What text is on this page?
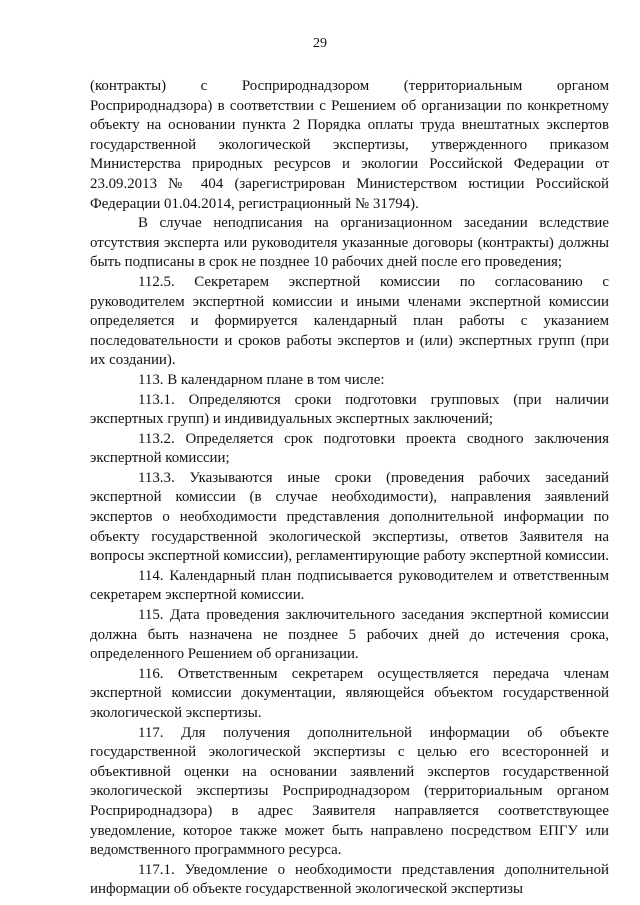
29

(контракты) с Росприроднадзором (территориальным органом Росприроднадзора) в соответствии с Решением об организации по конкретному объекту на основании пункта 2 Порядка оплаты труда внештатных экспертов государственной экологической экспертизы, утвержденного приказом Министерства природных ресурсов и экологии Российской Федерации от 23.09.2013 № 404 (зарегистрирован Министерством юстиции Российской Федерации 01.04.2014, регистрационный № 31794).

В случае неподписания на организационном заседании вследствие отсутствия эксперта или руководителя указанные договоры (контракты) должны быть подписаны в срок не позднее 10 рабочих дней после его проведения;

112.5. Секретарем экспертной комиссии по согласованию с руководителем экспертной комиссии и иными членами экспертной комиссии определяется и формируется календарный план работы с указанием последовательности и сроков работы экспертов и (или) экспертных групп (при их создании).

113. В календарном плане в том числе:

113.1. Определяются сроки подготовки групповых (при наличии экспертных групп) и индивидуальных экспертных заключений;

113.2. Определяется срок подготовки проекта сводного заключения экспертной комиссии;

113.3. Указываются иные сроки (проведения рабочих заседаний экспертной комиссии (в случае необходимости), направления заявлений экспертов о необходимости представления дополнительной информации по объекту государственной экологической экспертизы, ответов Заявителя на вопросы экспертной комиссии), регламентирующие работу экспертной комиссии.

114. Календарный план подписывается руководителем и ответственным секретарем экспертной комиссии.

115. Дата проведения заключительного заседания экспертной комиссии должна быть назначена не позднее 5 рабочих дней до истечения срока, определенного Решением об организации.

116. Ответственным секретарем осуществляется передача членам экспертной комиссии документации, являющейся объектом государственной экологической экспертизы.

117. Для получения дополнительной информации об объекте государственной экологической экспертизы с целью его всесторонней и объективной оценки на основании заявлений экспертов государственной экологической экспертизы Росприроднадзором (территориальным органом Росприроднадзора) в адрес Заявителя направляется соответствующее уведомление, которое также может быть направлено посредством ЕПГУ или ведомственного программного ресурса.

117.1. Уведомление о необходимости представления дополнительной информации об объекте государственной экологической экспертизы
